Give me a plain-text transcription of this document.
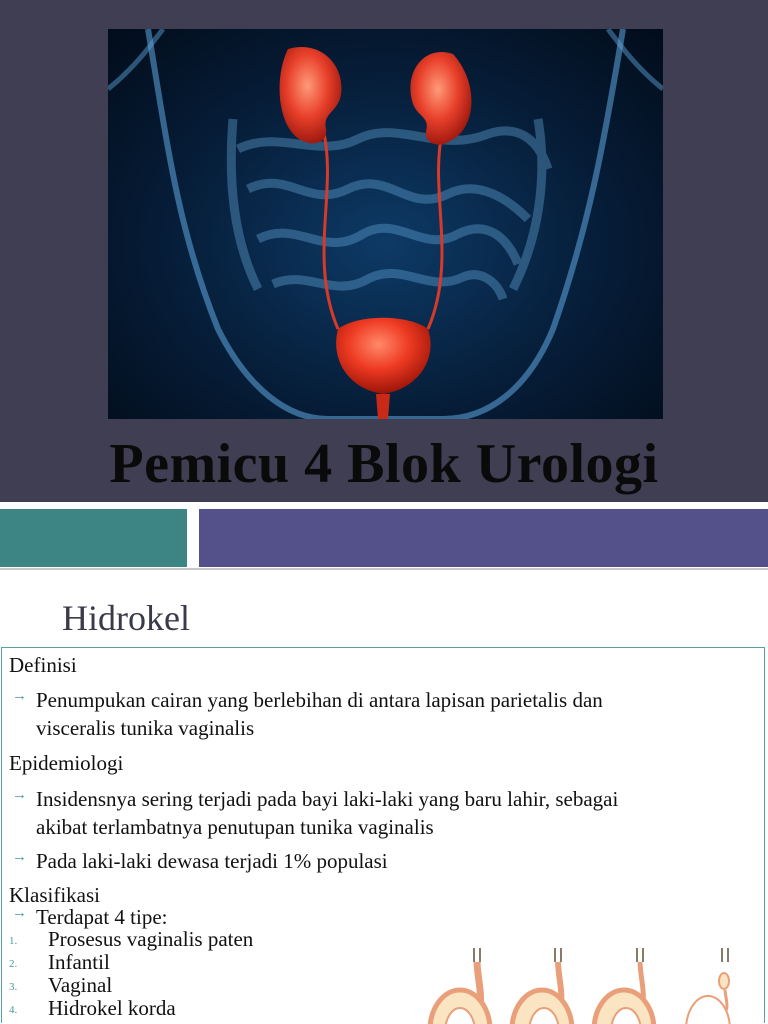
Pemicu 4 Blok Urologi
Hidrokel
Definisi
→ Penumpukan cairan yang berlebihan di antara lapisan parietalis dan
visceralis tunika vaginalis
Epidemiologi
→ Insidensnya sering terjadi pada bayi laki-laki yang baru lahir, sebagai
akibat terlambatnya penutupan tunika vaginalis
→ Pada laki-laki dewasa terjadi 1% populasi
Klasifikasi
→ Terdapat 4 tipe:
1. Prosesus vaginalis paten
2. Infantil
3. Vaginal
4. Hidrokel korda
